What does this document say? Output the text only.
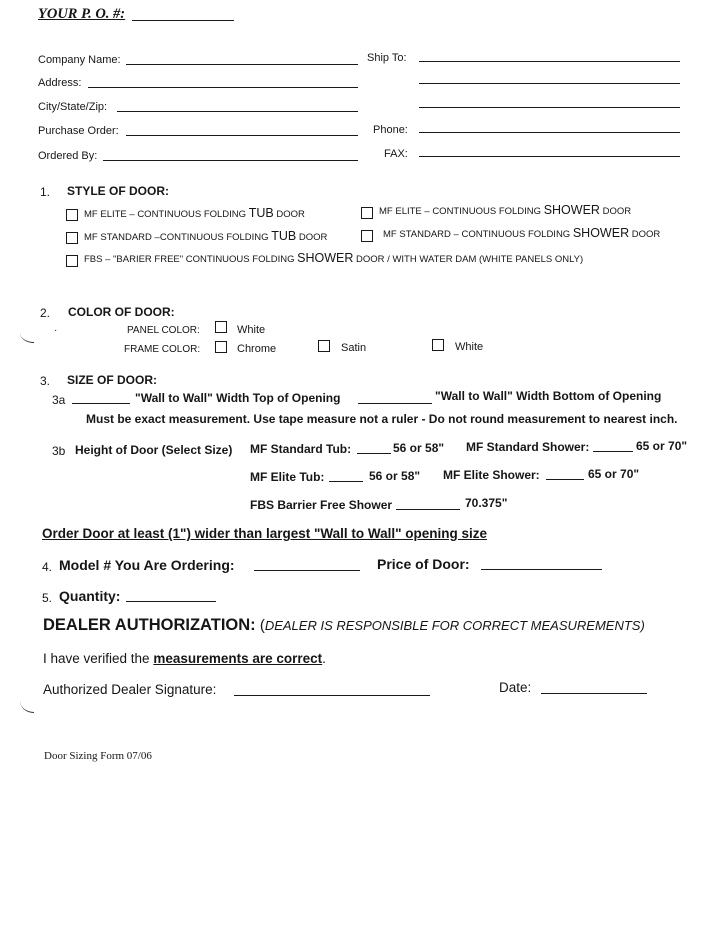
YOUR P. O. #:
Company Name:
Address:
City/State/Zip:
Purchase Order:
Ordered By:
Ship To:
Phone:
FAX:
1. STYLE OF DOOR:
MF ELITE – CONTINUOUS FOLDING TUB DOOR	MF ELITE – CONTINUOUS FOLDING SHOWER DOOR
MF STANDARD –CONTINUOUS FOLDING TUB DOOR	MF STANDARD – CONTINUOUS FOLDING SHOWER DOOR
FBS – "BARIER FREE" CONTINUOUS FOLDING SHOWER DOOR / WITH WATER DAM (WHITE PANELS ONLY)
2. COLOR OF DOOR:
·	PANEL COLOR:	White
FRAME COLOR:	Chrome	Satin	White
3. SIZE OF DOOR:
3a	"Wall to Wall" Width Top of Opening	"Wall to Wall" Width Bottom of Opening
Must be exact measurement. Use tape measure not a ruler - Do not round measurement to nearest inch.
3b Height of Door (Select Size) MF Standard Tub:	56 or 58" MF Standard Shower:	65 or 70"
MF Elite Tub:	56 or 58" MF Elite Shower:	65 or 70"
FBS Barrier Free Shower	70.375"
Order Door at least (1") wider than largest "Wall to Wall" opening size
4. Model # You Are Ordering:	Price of Door:
5. Quantity:
DEALER AUTHORIZATION: (DEALER IS RESPONSIBLE FOR CORRECT MEASUREMENTS)
I have verified the measurements are correct.
Authorized Dealer Signature:	Date:
Door Sizing Form 07/06
